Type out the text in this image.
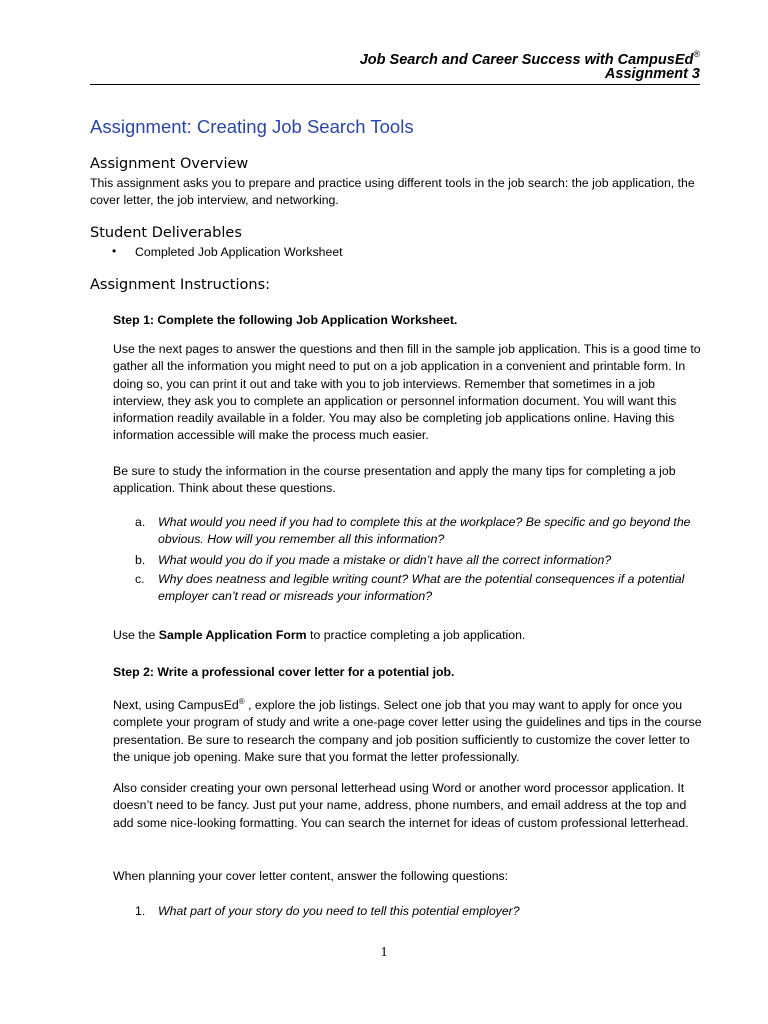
Job Search and Career Success with CampusEd®
Assignment 3
Assignment: Creating Job Search Tools
Assignment Overview
This assignment asks you to prepare and practice using different tools in the job search: the job application, the cover letter, the job interview, and networking.
Student Deliverables
•	Completed Job Application Worksheet
Assignment Instructions:
Step 1: Complete the following Job Application Worksheet.
Use the next pages to answer the questions and then fill in the sample job application. This is a good time to gather all the information you might need to put on a job application in a convenient and printable form. In doing so, you can print it out and take with you to job interviews. Remember that sometimes in a job interview, they ask you to complete an application or personnel information document. You will want this information readily available in a folder. You may also be completing job applications online. Having this information accessible will make the process much easier.
Be sure to study the information in the course presentation and apply the many tips for completing a job application. Think about these questions.
a. What would you need if you had to complete this at the workplace? Be specific and go beyond the obvious. How will you remember all this information?
b. What would you do if you made a mistake or didn’t have all the correct information?
c. Why does neatness and legible writing count? What are the potential consequences if a potential employer can’t read or misreads your information?
Use the Sample Application Form to practice completing a job application.
Step 2: Write a professional cover letter for a potential job.
Next, using CampusEd® , explore the job listings. Select one job that you may want to apply for once you complete your program of study and write a one-page cover letter using the guidelines and tips in the course presentation. Be sure to research the company and job position sufficiently to customize the cover letter to the unique job opening. Make sure that you format the letter professionally.
Also consider creating your own personal letterhead using Word or another word processor application. It doesn’t need to be fancy. Just put your name, address, phone numbers, and email address at the top and add some nice-looking formatting. You can search the internet for ideas of custom professional letterhead.
When planning your cover letter content, answer the following questions:
1. What part of your story do you need to tell this potential employer?
1
